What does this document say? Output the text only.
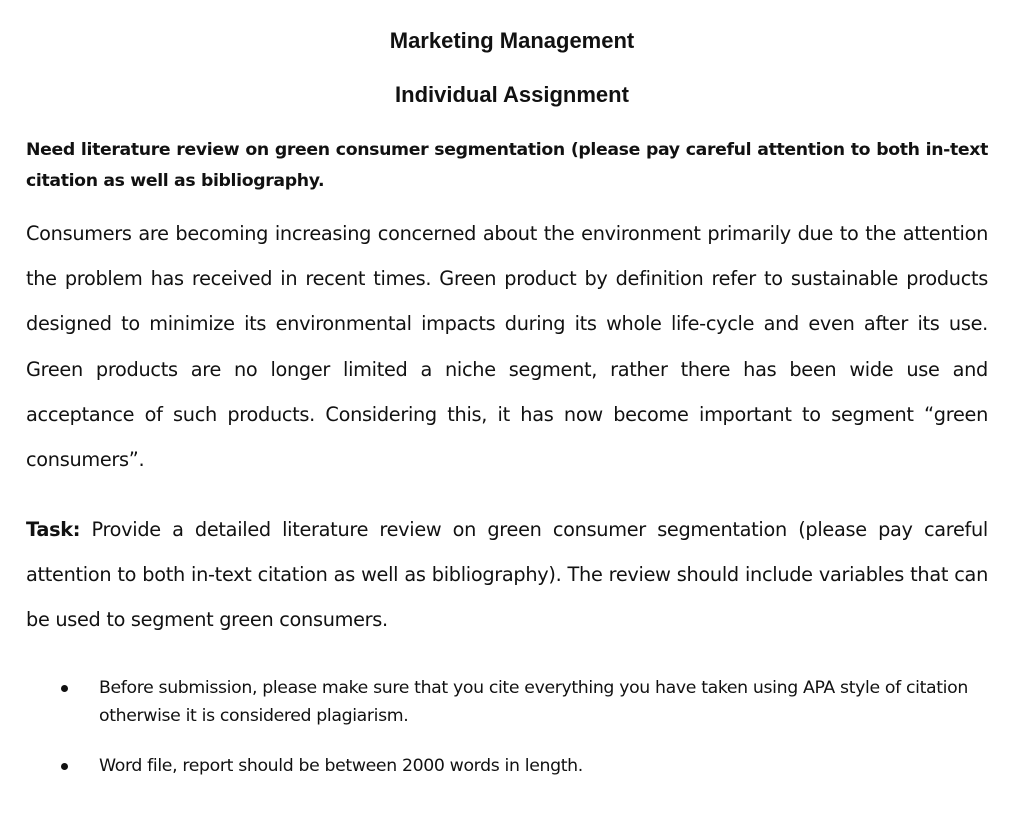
Marketing Management
Individual Assignment
Need literature review on green consumer segmentation (please pay careful attention to both in-text citation as well as bibliography.
Consumers are becoming increasing concerned about the environment primarily due to the attention the problem has received in recent times. Green product by definition refer to sustainable products designed to minimize its environmental impacts during its whole life-cycle and even after its use. Green products are no longer limited a niche segment, rather there has been wide use and acceptance of such products. Considering this, it has now become important to segment “green consumers”.
Task: Provide a detailed literature review on green consumer segmentation (please pay careful attention to both in-text citation as well as bibliography). The review should include variables that can be used to segment green consumers.
Before submission, please make sure that you cite everything you have taken using APA style of citation otherwise it is considered plagiarism.
Word file, report should be between 2000 words in length.
